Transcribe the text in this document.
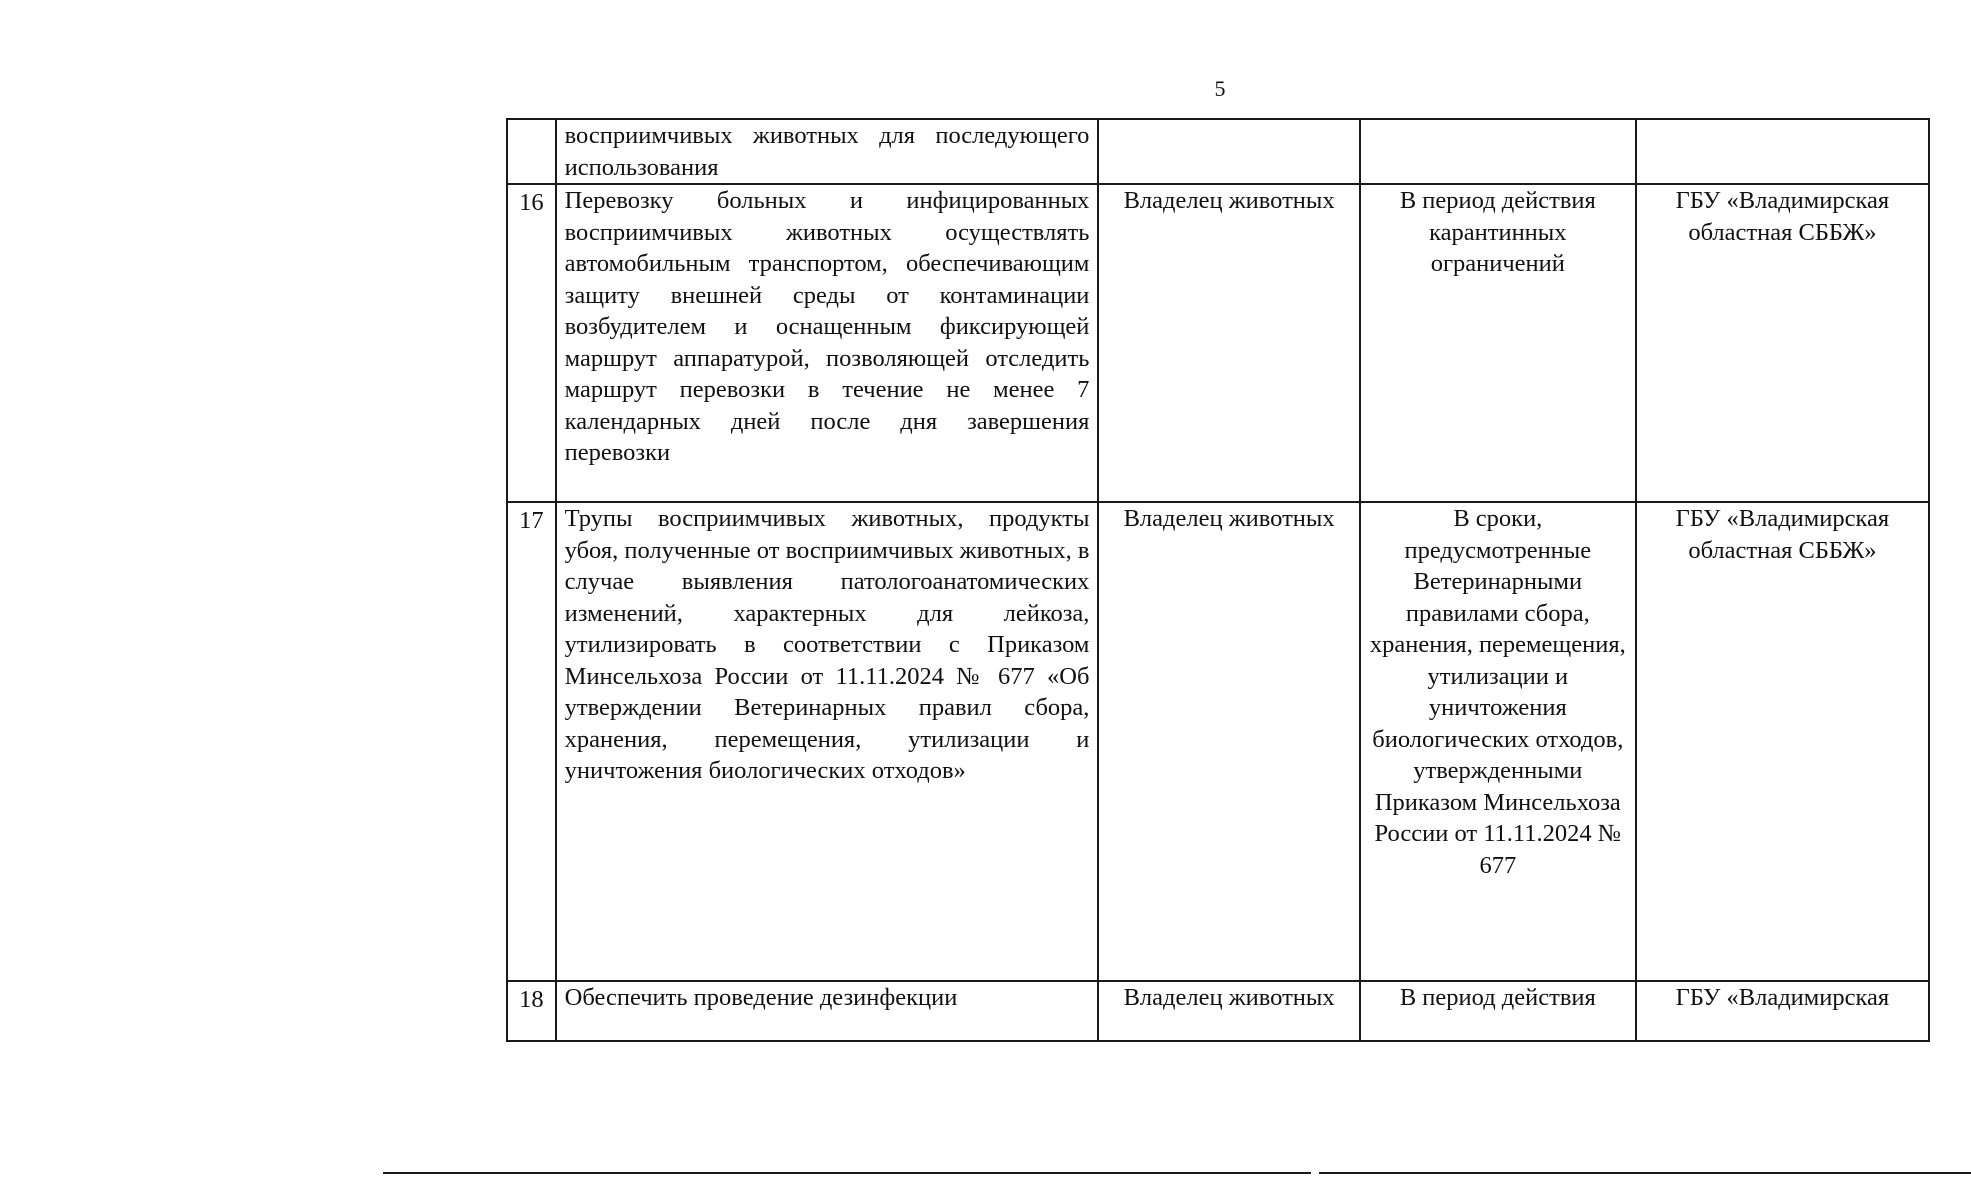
5
	восприимчивых животных для последующего использования			
16	Перевозку больных и инфицированных восприимчивых животных осуществлять автомобильным транспортом, обеспечивающим защиту внешней среды от контаминации возбудителем и оснащенным фиксирующей маршрут аппаратурой, позволяющей отследить маршрут перевозки в течение не менее 7 календарных дней после дня завершения перевозки	Владелец животных	В период действия карантинных ограничений	ГБУ «Владимирская областная СББЖ»
17	Трупы восприимчивых животных, продукты убоя, полученные от восприимчивых животных, в случае выявления патологоанатомических изменений, характерных для лейкоза, утилизировать в соответствии с Приказом Минсельхоза России от 11.11.2024 № 677 «Об утверждении Ветеринарных правил сбора, хранения, перемещения, утилизации и уничтожения биологических отходов»	Владелец животных	В сроки, предусмотренные Ветеринарными правилами сбора, хранения, перемещения, утилизации и уничтожения биологических отходов, утвержденными Приказом Минсельхоза России от 11.11.2024 № 677	ГБУ «Владимирская областная СББЖ»
18	Обеспечить проведение дезинфекции	Владелец животных	В период действия	ГБУ «Владимирская
